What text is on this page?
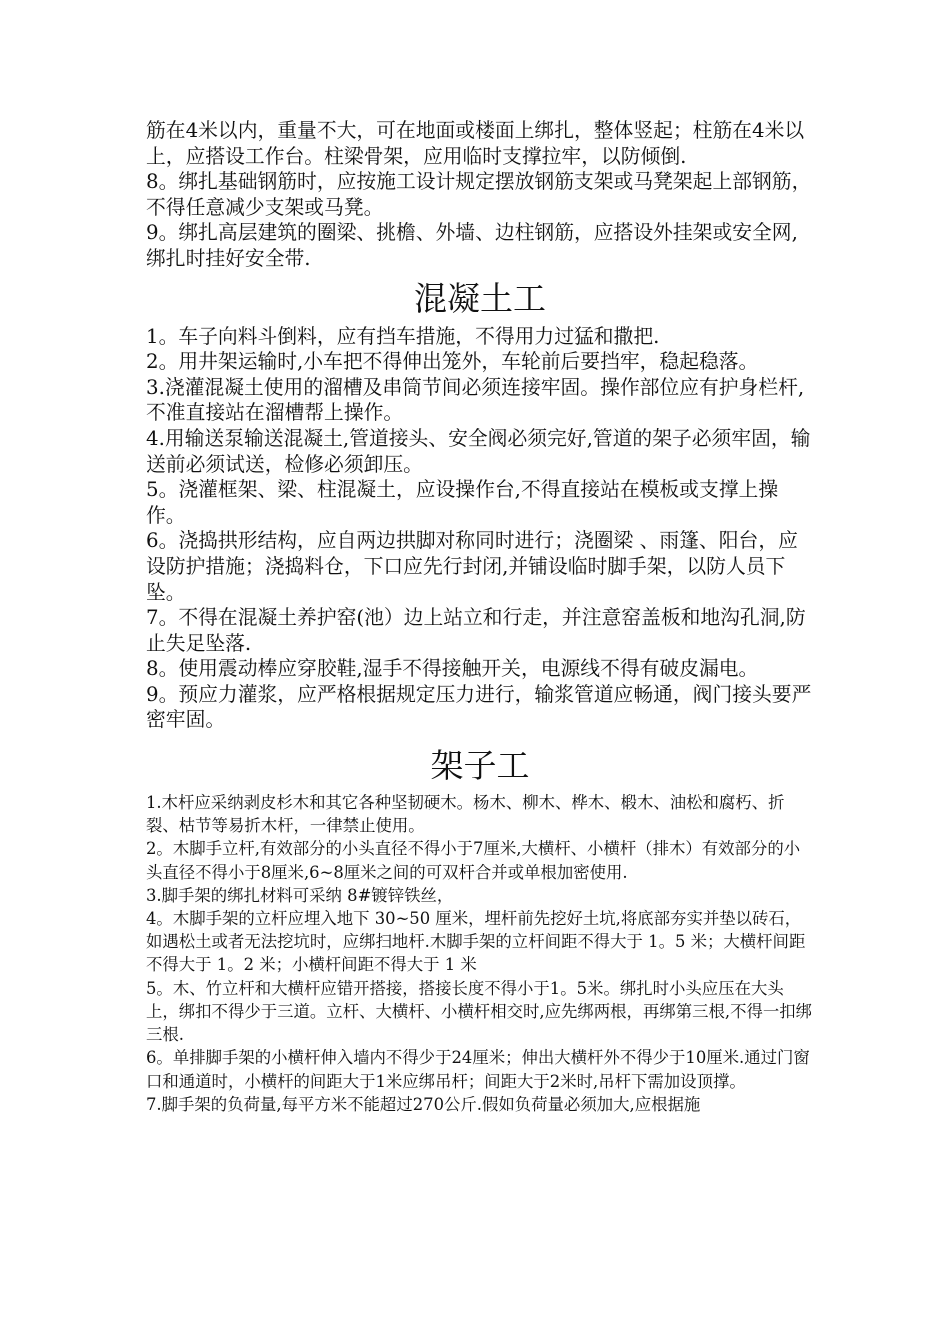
筋在4米以内，重量不大，可在地面或楼面上绑扎，整体竖起；柱筋在4米以上，应搭设工作台。柱梁骨架，应用临时支撑拉牢，以防倾倒.

8。绑扎基础钢筋时，应按施工设计规定摆放钢筋支架或马凳架起上部钢筋，不得任意减少支架或马凳。

9。绑扎高层建筑的圈梁、挑檐、外墙、边柱钢筋，应搭设外挂架或安全网,绑扎时挂好安全带.

混凝土工

1。车子向料斗倒料，应有挡车措施，不得用力过猛和撒把.

2。用井架运输时,小车把不得伸出笼外，车轮前后要挡牢，稳起稳落。

3.浇灌混凝土使用的溜槽及串筒节间必须连接牢固。操作部位应有护身栏杆,不准直接站在溜槽帮上操作。

4.用输送泵输送混凝土,管道接头、安全阀必须完好,管道的架子必须牢固，输送前必须试送，检修必须卸压。

5。浇灌框架、梁、柱混凝土，应设操作台,不得直接站在模板或支撑上操作。

6。浇捣拱形结构，应自两边拱脚对称同时进行；浇圈梁 、雨篷、阳台，应设防护措施；浇捣料仓，下口应先行封闭,并铺设临时脚手架，以防人员下坠。

7。不得在混凝土养护窑(池）边上站立和行走，并注意窑盖板和地沟孔洞,防止失足坠落.

8。使用震动棒应穿胶鞋,湿手不得接触开关，电源线不得有破皮漏电。

9。预应力灌浆，应严格根据规定压力进行，输浆管道应畅通，阀门接头要严密牢固。

架子工

1.木杆应采纳剥皮杉木和其它各种坚韧硬木。杨木、柳木、桦木、椴木、油松和腐朽、折裂、枯节等易折木杆，一律禁止使用。

2。木脚手立杆,有效部分的小头直径不得小于7厘米,大横杆、小横杆（排木）有效部分的小头直径不得小于8厘米,6~8厘米之间的可双杆合并或单根加密使用.

3.脚手架的绑扎材料可采纳 8#镀锌铁丝，

4。木脚手架的立杆应埋入地下 30~50 厘米，埋杆前先挖好土坑,将底部夯实并垫以砖石，如遇松土或者无法挖坑时，应绑扫地杆.木脚手架的立杆间距不得大于 1。5 米；大横杆间距不得大于 1。2 米；小横杆间距不得大于 1 米

5。木、竹立杆和大横杆应错开搭接，搭接长度不得小于1。5米。绑扎时小头应压在大头上，绑扣不得少于三道。立杆、大横杆、小横杆相交时,应先绑两根，再绑第三根,不得一扣绑三根.

6。单排脚手架的小横杆伸入墙内不得少于24厘米；伸出大横杆外不得少于10厘米.通过门窗口和通道时，小横杆的间距大于1米应绑吊杆；间距大于2米时,吊杆下需加设顶撑。

7.脚手架的负荷量,每平方米不能超过270公斤.假如负荷量必须加大,应根据施
